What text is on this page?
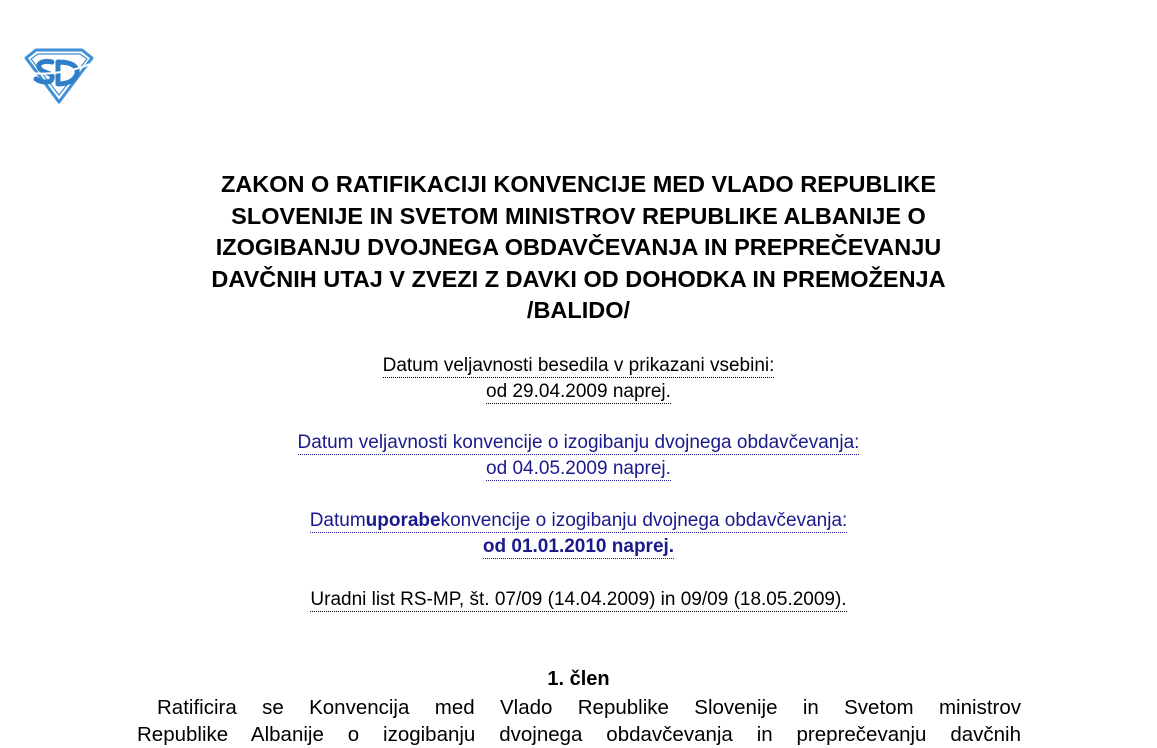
ZAKON O RATIFIKACIJI KONVENCIJE MED VLADO REPUBLIKE
SLOVENIJE IN SVETOM MINISTROV REPUBLIKE ALBANIJE O
IZOGIBANJU DVOJNEGA OBDAVČEVANJA IN PREPREČEVANJU
DAVČNIH UTAJ V ZVEZI Z DAVKI OD DOHODKA IN PREMOŽENJA
/BALIDO/
Datum veljavnosti besedila v prikazani vsebini:
od 29.04.2009 naprej.
Datum veljavnosti konvencije o izogibanju dvojnega obdavčevanja:
od 04.05.2009 naprej.
Datumuporabekonvencije o izogibanju dvojnega obdavčevanja:
od 01.01.2010 naprej.
Uradni list RS-MP, št. 07/09 (14.04.2009) in 09/09 (18.05.2009).
1. člen
Ratificira se Konvencija med Vlado Republike Slovenije in Svetom ministrov
Republike Albanije o izogibanju dvojnega obdavčevanja in preprečevanju davčnih
